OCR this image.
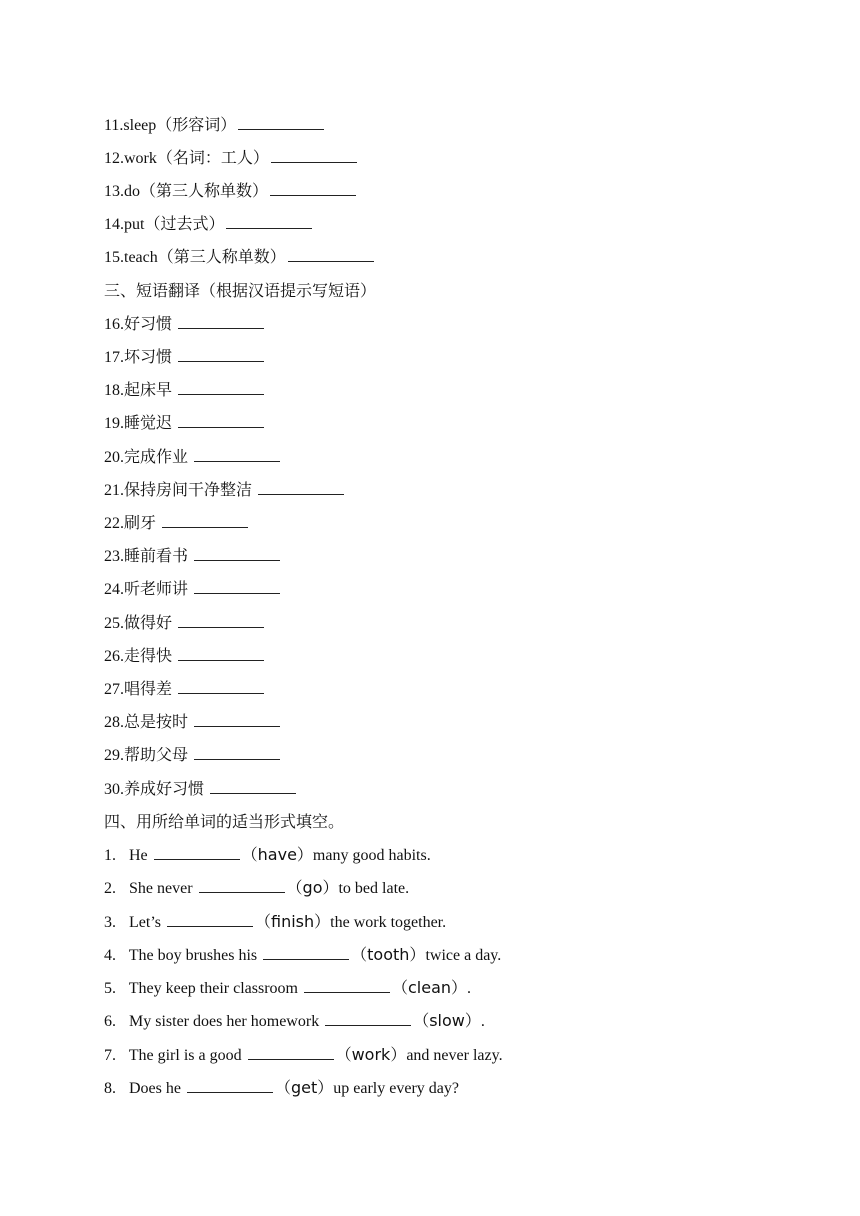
11.sleep（形容词）
12.work（名词：工人）
13.do（第三人称单数）
14.put（过去式）
15.teach（第三人称单数）
三、短语翻译（根据汉语提示写短语）
16.好习惯
17.坏习惯
18.起床早
19.睡觉迟
20.完成作业
21.保持房间干净整洁
22.刷牙
23.睡前看书
24.听老师讲
25.做得好
26.走得快
27.唱得差
28.总是按时
29.帮助父母
30.养成好习惯
四、用所给单词的适当形式填空。
1. He	（have）many good habits.
2. She never	（go）to bed late.
3. Let’s	（finish）the work together.
4. The boy brushes his	（tooth）twice a day.
5. They keep their classroom	（clean）.
6. My sister does her homework	（slow）.
7. The girl is a good	（work）and never lazy.
8. Does he	（get）up early every day?
